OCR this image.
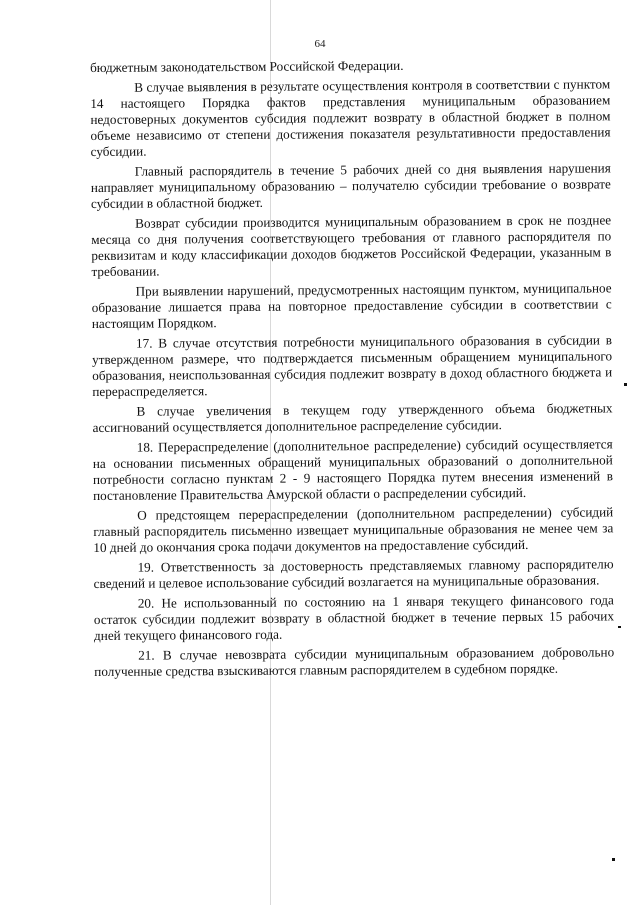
64

бюджетным законодательством Российской Федерации.

В случае выявления в результате осуществления контроля в соответствии с пунктом 14 настоящего Порядка фактов представления муниципальным образованием недостоверных документов субсидия подлежит возврату в областной бюджет в полном объеме независимо от степени достижения показателя результативности предоставления субсидии.

Главный распорядитель в течение 5 рабочих дней со дня выявления нарушения направляет муниципальному образованию – получателю субсидии требование о возврате субсидии в областной бюджет.

Возврат субсидии производится муниципальным образованием в срок не позднее месяца со дня получения соответствующего требования от главного распорядителя по реквизитам и коду классификации доходов бюджетов Российской Федерации, указанным в требовании.

При выявлении нарушений, предусмотренных настоящим пунктом, муниципальное образование лишается права на повторное предоставление субсидии в соответствии с настоящим Порядком.

17. В случае отсутствия потребности муниципального образования в субсидии в утвержденном размере, что подтверждается письменным обращением муниципального образования, неиспользованная субсидия подлежит возврату в доход областного бюджета и перераспределяется.

В случае увеличения в текущем году утвержденного объема бюджетных ассигнований осуществляется дополнительное распределение субсидии.

18. Перераспределение (дополнительное распределение) субсидий осуществляется на основании письменных обращений муниципальных образований о дополнительной потребности согласно пунктам 2 - 9 настоящего Порядка путем внесения изменений в постановление Правительства Амурской области о распределении субсидий.

О предстоящем перераспределении (дополнительном распределении) субсидий главный распорядитель письменно извещает муниципальные образования не менее чем за 10 дней до окончания срока подачи документов на предоставление субсидий.

19. Ответственность за достоверность представляемых главному распорядителю сведений и целевое использование субсидий возлагается на муниципальные образования.

20. Не использованный по состоянию на 1 января текущего финансового года остаток субсидии подлежит возврату в областной бюджет в течение первых 15 рабочих дней текущего финансового года.

21. В случае невозврата субсидии муниципальным образованием добровольно полученные средства взыскиваются главным распорядителем в судебном порядке.
